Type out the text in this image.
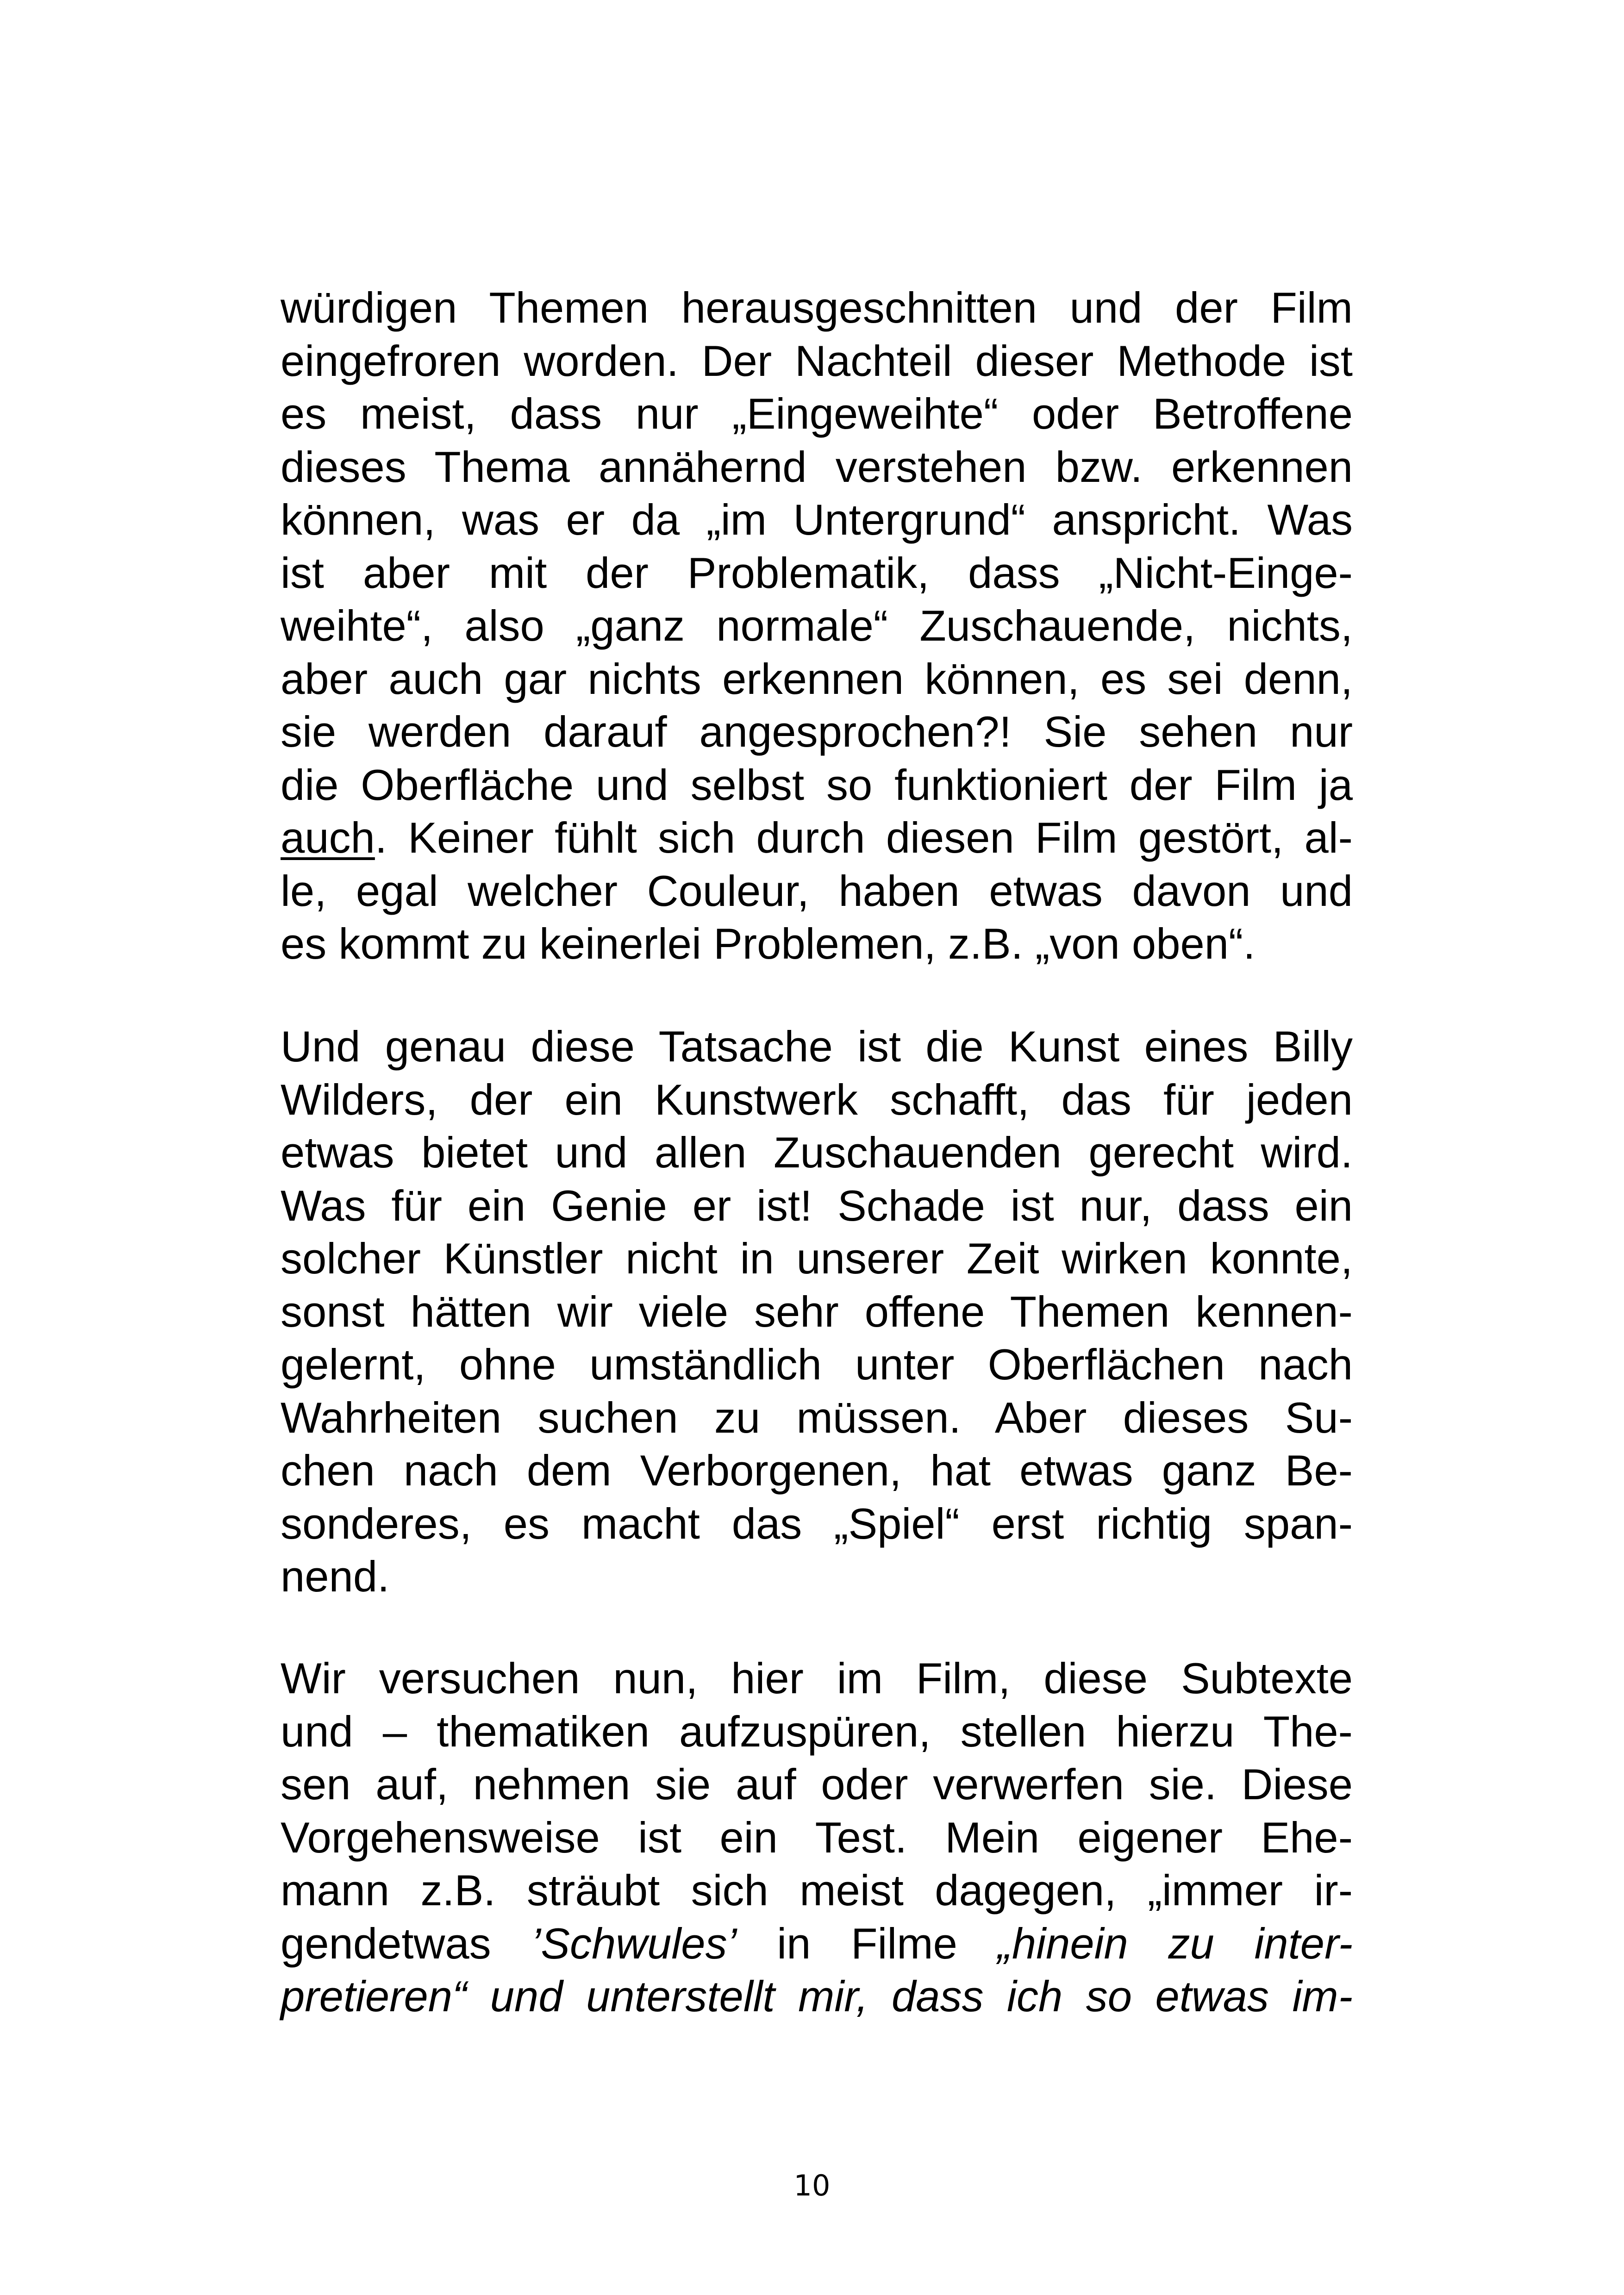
würdigen Themen herausgeschnitten und der Film
eingefroren worden. Der Nachteil dieser Methode ist
es meist, dass nur „Eingeweihte“ oder Betroffene
dieses Thema annähernd verstehen bzw. erkennen
können, was er da „im Untergrund“ anspricht. Was
ist aber mit der Problematik, dass „Nicht-Einge-
weihte“, also „ganz normale“ Zuschauende, nichts,
aber auch gar nichts erkennen können, es sei denn,
sie werden darauf angesprochen?! Sie sehen nur
die Oberfläche und selbst so funktioniert der Film ja
auch. Keiner fühlt sich durch diesen Film gestört, al-
le, egal welcher Couleur, haben etwas davon und
es kommt zu keinerlei Problemen, z.B. „von oben“.
Und genau diese Tatsache ist die Kunst eines Billy
Wilders, der ein Kunstwerk schafft, das für jeden
etwas bietet und allen Zuschauenden gerecht wird.
Was für ein Genie er ist! Schade ist nur, dass ein
solcher Künstler nicht in unserer Zeit wirken konnte,
sonst hätten wir viele sehr offene Themen kennen-
gelernt, ohne umständlich unter Oberflächen nach
Wahrheiten suchen zu müssen. Aber dieses Su-
chen nach dem Verborgenen, hat etwas ganz Be-
sonderes, es macht das „Spiel“ erst richtig span-
nend.
Wir versuchen nun, hier im Film, diese Subtexte
und – thematiken aufzuspüren, stellen hierzu The-
sen auf, nehmen sie auf oder verwerfen sie. Diese
Vorgehensweise ist ein Test. Mein eigener Ehe-
mann z.B. sträubt sich meist dagegen, „immer ir-
gendetwas ’Schwules’ in Filme „hinein zu inter-
pretieren“ und unterstellt mir, dass ich so etwas im-
10
